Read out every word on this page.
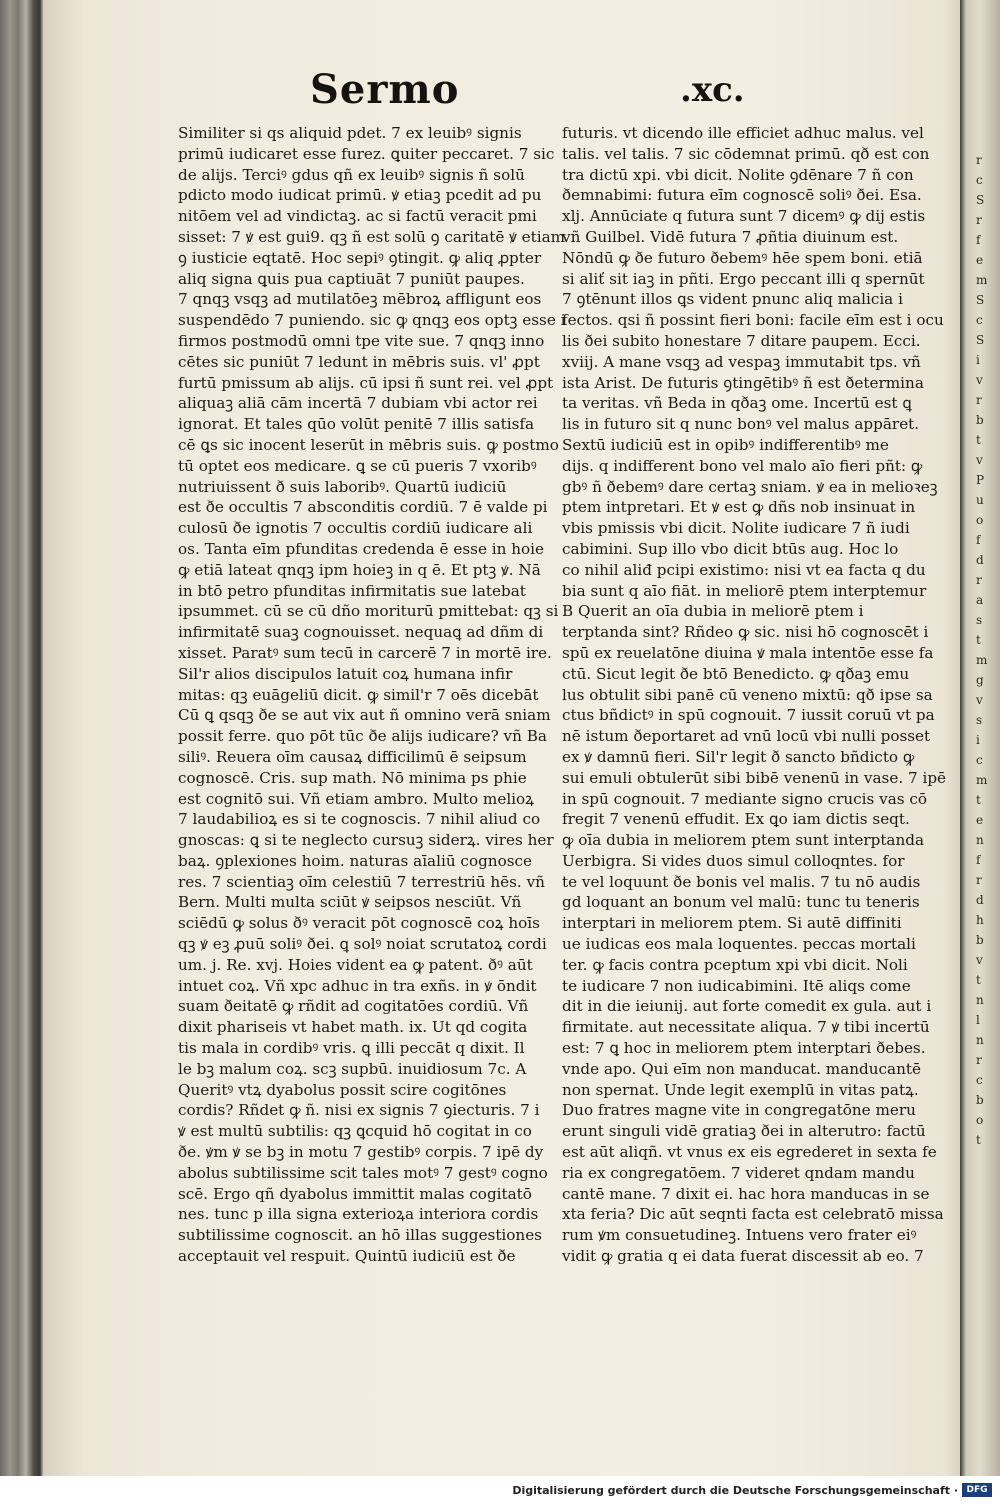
r
c
S
r
f
e
m
S
c
S
i
v
r
b
t
v
P
u
o
f
d
r
a
s
t
m
g
v
s
i
c
m
t
e
n
f
r
d
h
b
v
t
n
l
n
r
c
b
o
t
Sermo	.xc.
Similiter si qs aliquid pdet. 7 ex leuibꝰ signis
primū iudicaret esse furez. ꝗuiter peccaret. 7 sic
de alijs. Terciꝰ gdus qñ ex leuibꝰ signis ñ solū
pdicto modo iudicat primū. ꝟ etiaꝫ pcedit ad pu
nitōem vel ad vindictaꝫ. ac si factū veracit pmi
sisset: 7 ꝟ est gui9. qꝫ ñ est solū ꝯ caritatē ꝟ etiam
ꝯ iusticie eqtatē. Hoc sepiꝰ ꝯtingit. ꝙ aliq ꝓpter
aliq signa ꝗuis pua captiuāt 7 puniūt paupes.
7 qnqꝫ vsqꝫ ad mutilatōeꝫ mēbroꝝ affligunt eos
suspendēdo 7 puniendo. sic ꝙ qnqꝫ eos optꝫ esse i
firmos postmodū omni tpe vite sue. 7 qnqꝫ inno
cētes sic puniūt 7 ledunt in mēbris suis. vl' ꝓpt
furtū pmissum ab alijs. cū ipsi ñ sunt rei. vel ꝓpt
aliquaꝫ aliā cām incertā 7 dubiam vbi actor rei
ignorat. Et tales qūo volūt penitē 7 illis satisfa
cē ꝗs sic inocent leserūt in mēbris suis. ꝙ postmo
tū optet eos medicare. ꝗ se cū pueris 7 vxoribꝰ
nutriuissent ð suis laboribꝰ. Quartū iudiciū
est ðe occultis 7 absconditis cordiū. 7 ē valde pi
culosū ðe ignotis 7 occultis cordiū iudicare ali
os. Tanta eīm pfunditas credenda ē esse in hoie
ꝙ etiā lateat qnqꝫ ipm hoieꝫ in q ē. Et ptꝫ ꝟ. Nā
in btō petro pfunditas infirmitatis sue latebat
ipsummet. cū se cū dño moriturū pmittebat: qꝫ si
infirmitatē suaꝫ cognouisset. nequaꝗ ad dñm di
xisset. Paratꝰ sum tecū in carcerē 7 in mortē ire.
Sil'r alios discipulos latuit coꝝ humana infir
mitas: qꝫ euāgeliū dicit. ꝙ simil'r 7 oēs dicebāt
Cū ꝗ qsqꝫ ðe se aut vix aut ñ omnino verā sniam
possit ferre. quo pōt tūc ðe alijs iudicare? vñ Ba
siliꝰ. Reuera oīm causaꝝ difficilimū ē seipsum
cognoscē. Cris. sup math. Nō minima ps phie
est cognitō sui. Vñ etiam ambro. Multo melioꝝ
7 laudabilioꝝ es si te cognoscis. 7 nihil aliud co
gnoscas: ꝗ si te neglecto cursuꝫ siderꝝ. vires her
baꝝ. ꝯplexiones hoim. naturas aīaliū cognosce
res. 7 scientiaꝫ oīm celestiū 7 terrestriū hēs. vñ
Bern. Multi multa sciūt ꝟ seipsos nesciūt. Vñ
sciēdū ꝙ solus ðꝰ veracit pōt cognoscē coꝝ hoīs
qꝫ ꝟ eꝫ ꝓuū soliꝰ ðei. ꝗ solꝰ noiat scrutatoꝝ cordi
um. j. Re. xvj. Hoies vident ea ꝙ patent. ðꝰ aūt
intuet coꝝ. Vñ xpc adhuc in tra exñs. in ꝟ ōndit
suam ðeitatē ꝙ rñdit ad cogitatōes cordiū. Vñ
dixit phariseis vt habet math. ix. Ut qd cogita
tis mala in cordibꝰ vris. ꝗ illi peccāt q dixit. Il
le bꝫ malum coꝝ. scꝫ supbū. inuidiosum 7c. A
Queritꝰ vtꝝ dyabolus possit scire cogitōnes
cordis? Rñdet ꝙ ñ. nisi ex signis 7 ꝯiecturis. 7 i
ꝟ est multū subtilis: qꝫ ꝗcquid hō cogitat in co
ðe. ꝟm ꝟ se bꝫ in motu 7 gestibꝰ corpis. 7 ipē dy
abolus subtilissime scit tales motꝰ 7 gestꝰ cogno
scē. Ergo qñ dyabolus immittit malas cogitatō
nes. tunc p illa signa exterioꝝa interiora cordis
subtilissime cognoscit. an hō illas suggestiones
acceptauit vel respuit. Quintū iudiciū est ðe
futuris. vt dicendo ille efficiet adhuc malus. vel
talis. vel talis. 7 sic cōdemnat primū. qð est con
tra dictū xpi. vbi dicit. Nolite ꝯdēnare 7 ñ con
ðemnabimi: futura eīm cognoscē soliꝰ ðei. Esa.
xlj. Annūciate q futura sunt 7 dicemꝰ ꝙ dij estis
vñ Guilbel. Vidē futura 7 ꝓñtia diuinum est.
Nōndū ꝙ ðe futuro ðebemꝰ hēe spem boni. etiā
si aliť sit iaꝫ in pñti. Ergo peccant illi q spernūt
7 ꝯtēnunt illos ꝗs vident pnunc aliq malicia i
fectos. qsi ñ possint fieri boni: facile eīm est i ocu
lis ðei subito honestare 7 ditare paupem. Ecci.
xviij. A mane vsqꝫ ad vespaꝫ immutabit tps. vñ
ista Arist. De futuris ꝯtingētibꝰ ñ est ðetermina
ta veritas. vñ Beda in qðaꝫ ome. Incertū est ꝗ
lis in futuro sit q nunc bonꝰ vel malus appāret.
Sextū iudiciū est in opibꝰ indifferentibꝰ me
dijs. q indifferent bono vel malo aīo fieri pñt: ꝙ
gbꝰ ñ ðebemꝰ dare certaꝫ sniam. ꝟ ea in melioꝛeꝫ
ptem intpretari. Et ꝟ est ꝙ dñs nob insinuat in
vbis pmissis vbi dicit. Nolite iudicare 7 ñ iudi
cabimini. Sup illo vbo dicit btūs aug. Hoc lo
co nihil aliđ pcipi existimo: nisi vt ea facta q du
bia sunt q aīo fiāt. in meliorē ptem interptemur
B Querit an oīa dubia in meliorē ptem i
terptanda sint? Rñdeo ꝙ sic. nisi hō cognoscēt i
spū ex reuelatōne diuina ꝟ mala intentōe esse fa
ctū. Sicut legit ðe btō Benedicto. ꝙ qðaꝫ emu
lus obtulit sibi panē cū veneno mixtū: qð ipse sa
ctus bñdictꝰ in spū cognouit. 7 iussit coruū vt pa
nē istum ðeportaret ad vnū locū vbi nulli posset
ex ꝟ damnū fieri. Sil'r legit ð sancto bñdicto ꝙ
sui emuli obtulerūt sibi bibē venenū in vase. 7 ipē
in spū cognouit. 7 mediante signo crucis vas cō
fregit 7 venenū effudit. Ex ꝗo iam dictis seqt.
ꝙ oīa dubia in meliorem ptem sunt interptanda
Uerbigra. Si vides duos simul colloqntes. for
te vel loquunt ðe bonis vel malis. 7 tu nō audis
gd loquant an bonum vel malū: tunc tu teneris
interptari in meliorem ptem. Si autē diffiniti
ue iudicas eos mala loquentes. peccas mortali
ter. ꝙ facis contra pceptum xpi vbi dicit. Noli
te iudicare 7 non iudicabimini. Itē aliqs come
dit in die ieiunij. aut forte comedit ex gula. aut i
firmitate. aut necessitate aliqua. 7 ꝟ tibi incertū
est: 7 ꝗ hoc in meliorem ptem interptari ðebes.
vnde apo. Qui eīm non manducat. manducantē
non spernat. Unde legit exemplū in vitas patꝝ.
Duo fratres magne vite in congregatōne meru
erunt singuli vidē gratiaꝫ ðei in alterutro: factū
est aūt aliqñ. vt vnus ex eis egrederet in sexta fe
ria ex congregatōem. 7 videret qndam mandu
cantē mane. 7 dixit ei. hac hora manducas in se
xta feria? Dic aūt seqnti facta est celebratō missa
rum ꝟm consuetudineꝫ. Intuens vero frater eiꝰ
vidit ꝙ gratia q ei data fuerat discessit ab eo. 7
Digitalisierung gefördert durch die Deutsche Forschungsgemeinschaft · DFG
